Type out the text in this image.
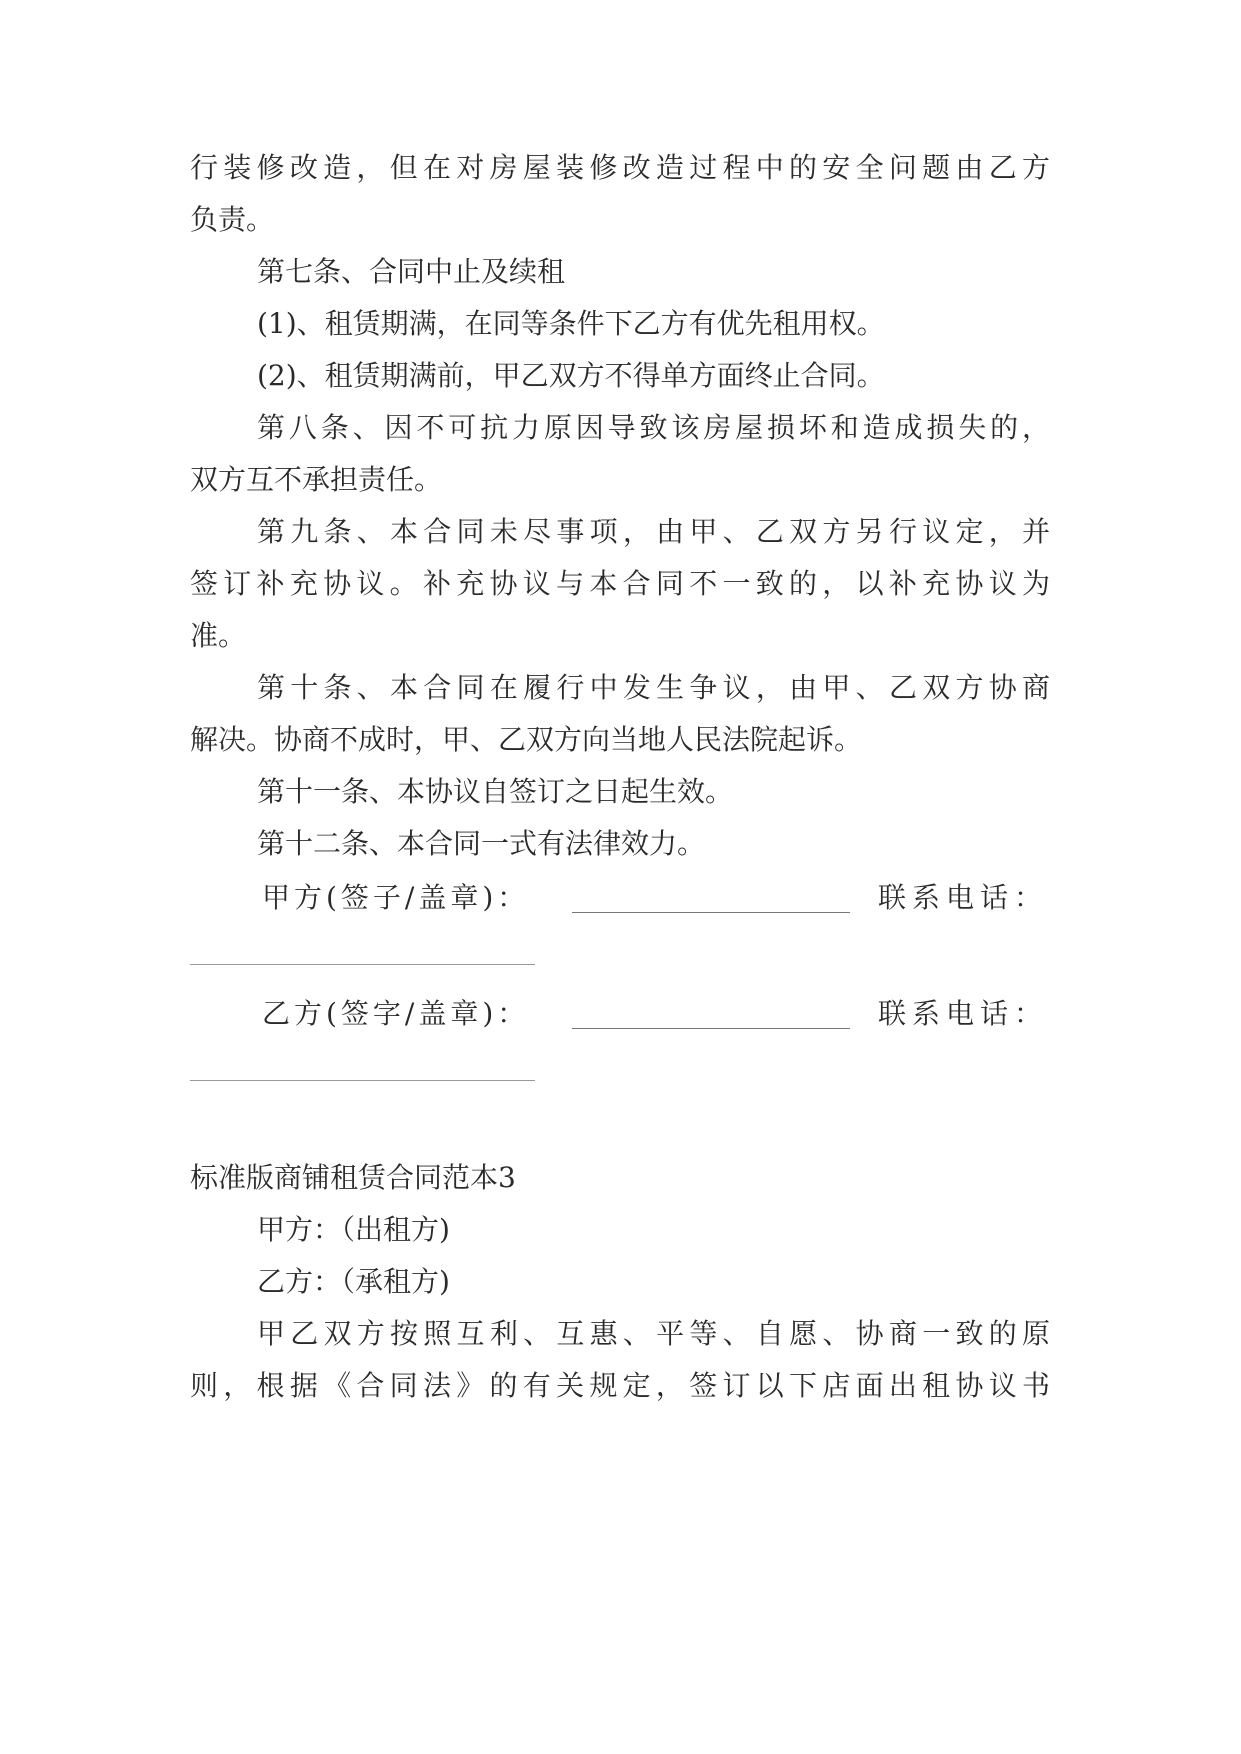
行装修改造，但在对房屋装修改造过程中的安全问题由乙方
负责。
第七条、合同中止及续租
(1)、租赁期满，在同等条件下乙方有优先租用权。
(2)、租赁期满前，甲乙双方不得单方面终止合同。
第八条、因不可抗力原因导致该房屋损坏和造成损失的，
双方互不承担责任。
第九条、本合同未尽事项，由甲、乙双方另行议定，并
签订补充协议。补充协议与本合同不一致的，以补充协议为
准。
第十条、本合同在履行中发生争议，由甲、乙双方协商
解决。协商不成时，甲、乙双方向当地人民法院起诉。
第十一条、本协议自签订之日起生效。
第十二条、本合同一式有法律效力。
甲方(签子/盖章)：	联系电话：
乙方(签字/盖章)：	联系电话：
标准版商铺租赁合同范本3
甲方：（出租方)
乙方：（承租方)
甲乙双方按照互利、互惠、平等、自愿、协商一致的原
则，根据《合同法》的有关规定，签订以下店面出租协议书
